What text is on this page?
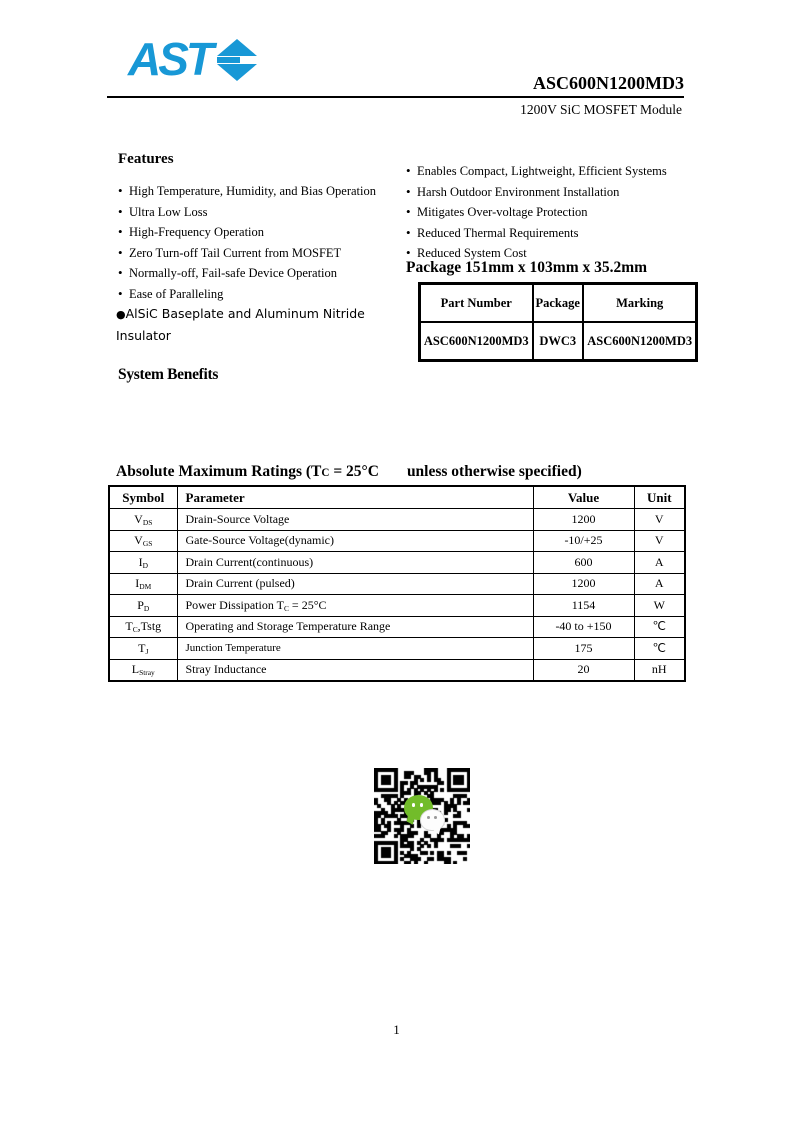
AST	ASC600N1200MD3
1200V SiC MOSFET Module
Features
• High Temperature, Humidity, and Bias Operation
• Ultra Low Loss
• High-Frequency Operation
• Zero Turn-off Tail Current from MOSFET
• Normally-off, Fail-safe Device Operation
• Ease of Paralleling
●AlSiC Baseplate and Aluminum Nitride Insulator
System Benefits
• Enables Compact, Lightweight, Efficient Systems
• Harsh Outdoor Environment Installation
• Mitigates Over-voltage Protection
• Reduced Thermal Requirements
• Reduced System Cost
Package 151mm x 103mm x 35.2mm
Part Number	Package	Marking
ASC600N1200MD3	DWC3	ASC600N1200MD3
Absolute Maximum Ratings (TC = 25°C unless otherwise specified)
Symbol	Parameter	Value	Unit
$V_{DS}$	Drain-Source Voltage	1200	V
$V_{GS}$	Gate-Source Voltage(dynamic)	-10/+25	V
$I_D$	Drain Current(continuous)	600	A
$I_{DM}$	Drain Current (pulsed)	1200	A
$P_D$	Power Dissipation $T_C = 25^\circ C$	1154	W
$T_C,Tstg$	Operating and Storage Temperature Range	-40 to +150	℃
$T_J$	Junction Temperature	175	℃
$L_{Stray}$	Stray Inductance	20	nH
1
